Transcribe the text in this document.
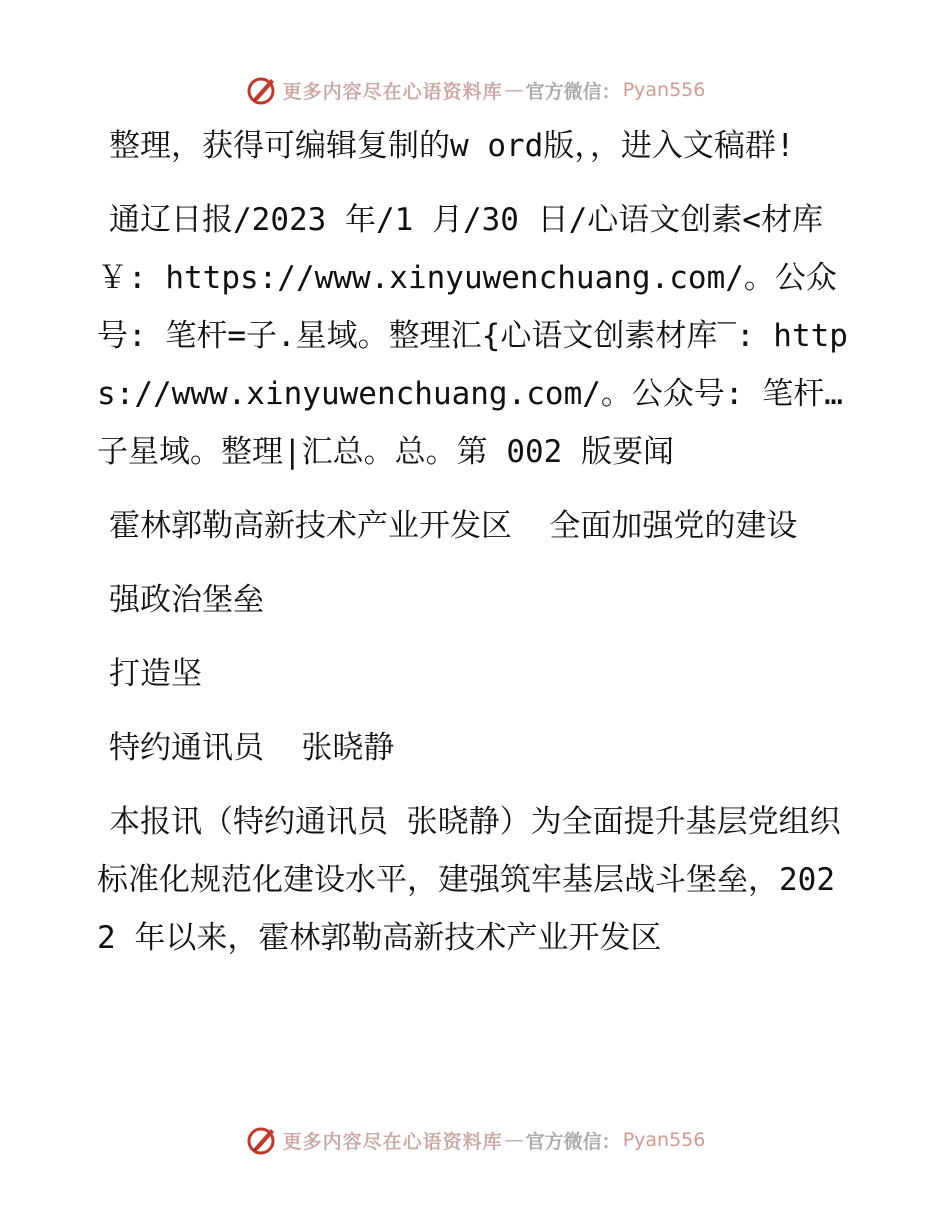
更多内容尽在心语资料库 — 官方微信： Pyan556

整理，获得可编辑复制的w ord版，，进入文稿群!

通辽日报/2023 年/1 月/30 日/心语文创素<材库￥: https://www.xinyuwenchuang.com/。公众号: 笔杆=子.星域。整理汇{心语文创素材库‾: https://www.xinyuwenchuang.com/。公众号: 笔杆…子星域。整理|汇总。总。第 002 版要闻

霍林郭勒高新技术产业开发区  全面加强党的建设

强政治堡垒

打造坚

特约通讯员  张晓静

本报讯（特约通讯员 张晓静）为全面提升基层党组织标准化规范化建设水平，建强筑牢基层战斗堡垒，2022 年以来，霍林郭勒高新技术产业开发区

更多内容尽在心语资料库 — 官方微信： Pyan556
